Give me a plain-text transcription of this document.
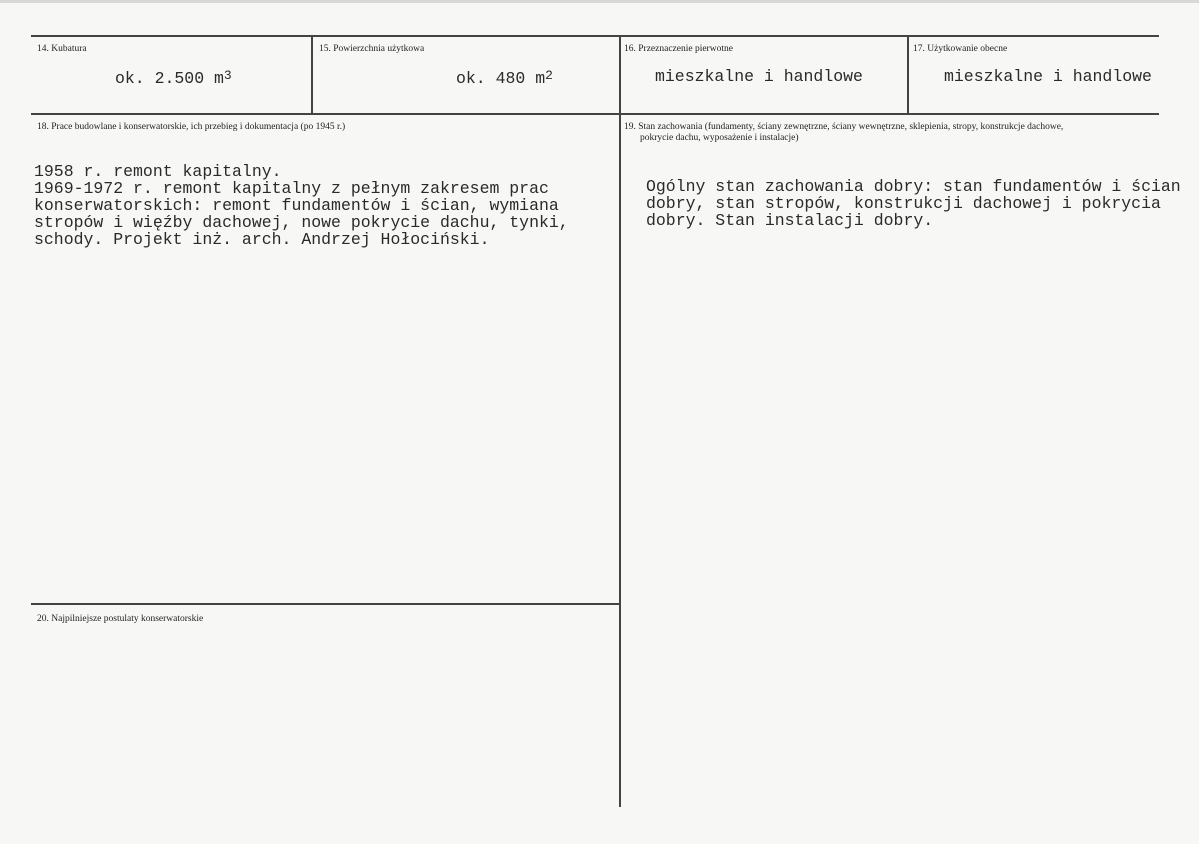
14. Kubatura
ok. 2.500 $m^3$
15. Powierzchnia użytkowa
ok. 480 $m^2$
16. Przeznaczenie pierwotne
mieszkalne i handlowe
17. Użytkowanie obecne
mieszkalne i handlowe
18. Prace budowlane i konserwatorskie, ich przebieg i dokumentacja (po 1945 r.)

1958 r. remont kapitalny.
1969-1972 r. remont kapitalny z pełnym zakresem prac
konserwatorskich: remont fundamentów i ścian, wymiana
stropów i więźby dachowej, nowe pokrycie dachu, tynki,
schody. Projekt inż. arch. Andrzej Hołociński.

19. Stan zachowania (fundamenty, ściany zewnętrzne, ściany wewnętrzne, sklepienia, stropy, konstrukcje dachowe,
pokrycie dachu, wyposażenie i instalacje)

Ogólny stan zachowania dobry: stan fundamentów i ścian
dobry, stan stropów, konstrukcji dachowej i pokrycia
dobry. Stan instalacji dobry.

20. Najpilniejsze postulaty konserwatorskie
